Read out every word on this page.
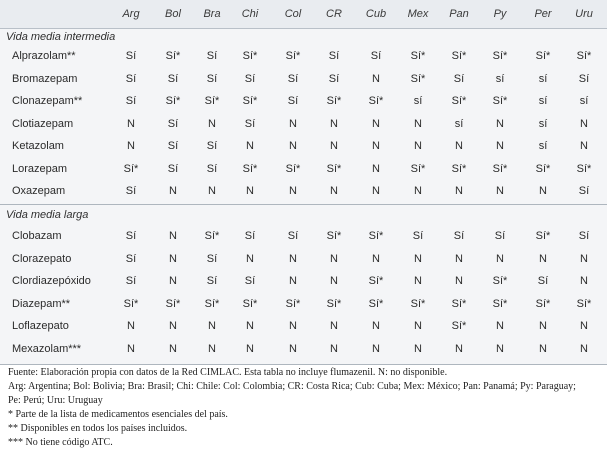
Arg	Bol	Bra	Chi	Col	CR	Cub	Mex	Pan	Py	Per	Uru
Vida media intermedia
Alprazolam**	Sí	Sí*	Sí	Sí*	Sí*	Sí	Sí	Sí*	Sí*	Sí*	Sí*	Sí*
Bromazepam	Sí	Sí	Sí	Sí	Sí	Sí	N	Sí*	Sí	sí	sí	Sí
Clonazepam**	Sí	Sí*	Sí*	Sí*	Sí	Sí*	Sí*	sí	Sí*	Sí*	sí	sí
Clotiazepam	N	Sí	N	Sí	N	N	N	N	sí	N	sí	N
Ketazolam	N	Sí	Sí	N	N	N	N	N	N	N	sí	N
Lorazepam	Sí*	Sí	Sí	Sí*	Sí*	Sí*	N	Sí*	Sí*	Sí*	Sí*	Sí*
Oxazepam	Sí	N	N	N	N	N	N	N	N	N	N	Sí
Vida media larga
Clobazam	Sí	N	Sí*	Sí	Sí	Sí*	Sí*	Sí	Sí	Sí	Sí*	Sí
Clorazepato	Sí	N	Sí	N	N	N	N	N	N	N	N	N
Clordiazepóxido	Sí	N	Sí	Sí	N	N	Sí*	N	N	Sí*	Sí	N
Diazepam**	Sí*	Sí*	Sí*	Sí*	Sí*	Sí*	Sí*	Sí*	Sí*	Sí*	Sí*	Sí*
Loflazepato	N	N	N	N	N	N	N	N	Sí*	N	N	N
Mexazolam***	N	N	N	N	N	N	N	N	N	N	N	N
Fuente: Elaboración propia con datos de la Red CIMLAC. Esta tabla no incluye flumazenil. N: no disponible.
Arg: Argentina; Bol: Bolivia; Bra: Brasil; Chi: Chile: Col: Colombia; CR: Costa Rica; Cub: Cuba; Mex: México; Pan: Panamá; Py: Paraguay;
Pe: Perú; Uru: Uruguay
* Parte de la lista de medicamentos esenciales del país.
** Disponibles en todos los países incluidos.
*** No tiene código ATC.
